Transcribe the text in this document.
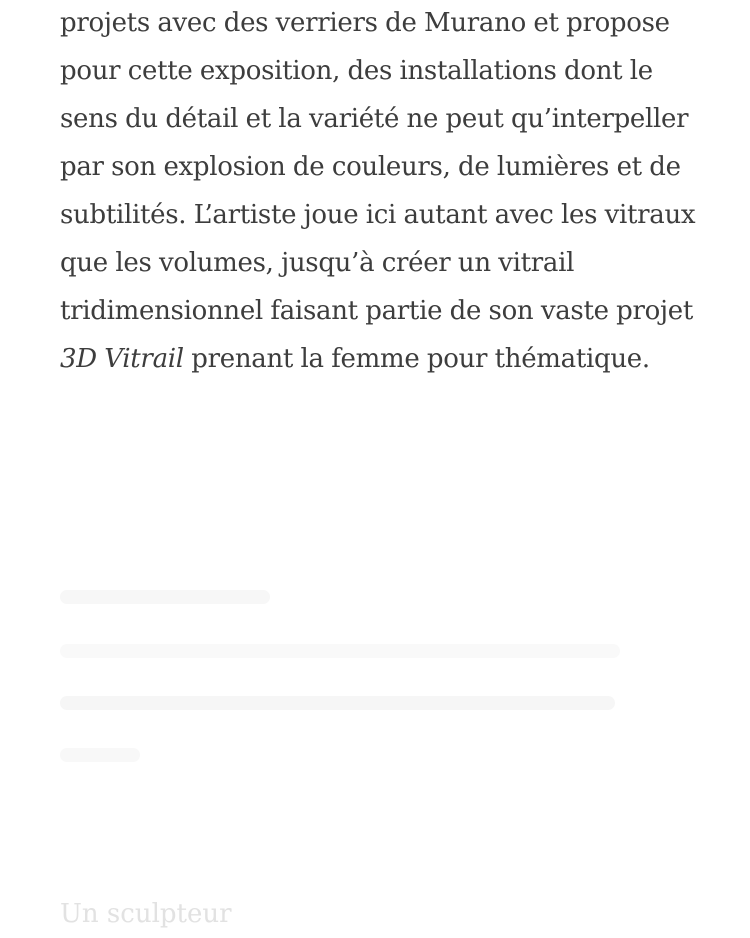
projets avec des verriers de Murano et propose pour cette exposition, des installations dont le sens du détail et la variété ne peut qu’interpeller par son explosion de couleurs, de lumières et de subtilités. L’artiste joue ici autant avec les vitraux que les volumes, jusqu’à créer un vitrail tridimensionnel faisant partie de son vaste projet 3D Vitrail prenant la femme pour thématique.

Un sculpteur
